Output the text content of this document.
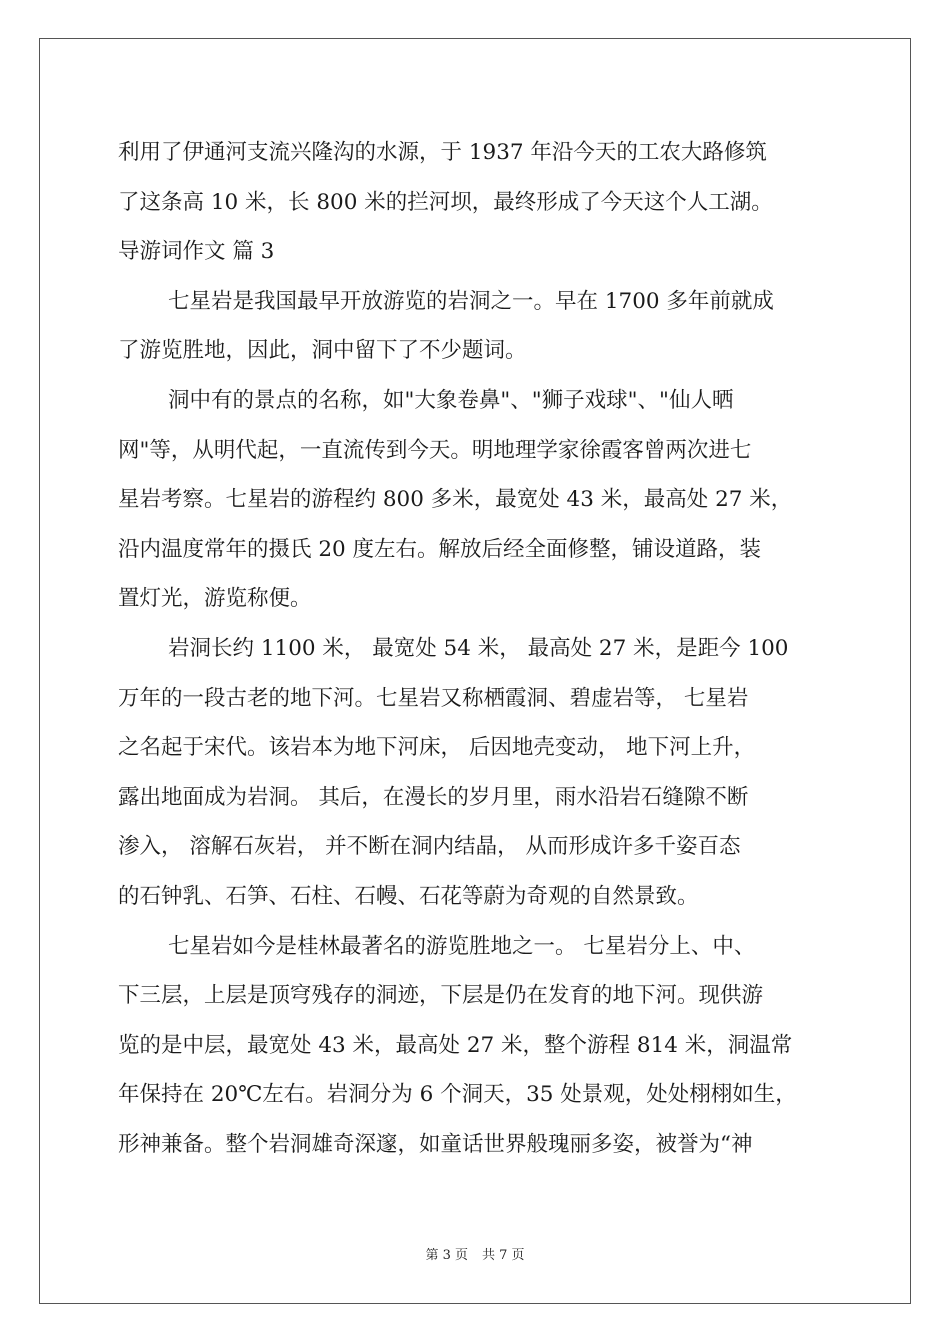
利用了伊通河支流兴隆沟的水源，于 1937 年沿今天的工农大路修筑
了这条高 10 米，长 800 米的拦河坝，最终形成了今天这个人工湖。
导游词作文 篇 3
七星岩是我国最早开放游览的岩洞之一。早在 1700 多年前就成
了游览胜地，因此，洞中留下了不少题词。
洞中有的景点的名称，如"大象卷鼻"、"狮子戏球"、"仙人晒
网"等，从明代起，一直流传到今天。明地理学家徐霞客曾两次进七
星岩考察。七星岩的游程约 800 多米，最宽处 43 米，最高处 27 米，
沿内温度常年的摄氏 20 度左右。解放后经全面修整，铺设道路，装
置灯光，游览称便。
岩洞长约 1100 米， 最宽处 54 米， 最高处 27 米，是距今 100
万年的一段古老的地下河。七星岩又称栖霞洞、碧虚岩等， 七星岩
之名起于宋代。该岩本为地下河床， 后因地壳变动， 地下河上升，
露出地面成为岩洞。 其后，在漫长的岁月里，雨水沿岩石缝隙不断
渗入， 溶解石灰岩， 并不断在洞内结晶， 从而形成许多千姿百态
的石钟乳、石笋、石柱、石幔、石花等蔚为奇观的自然景致。
七星岩如今是桂林最著名的游览胜地之一。 七星岩分上、中、
下三层，上层是顶穹残存的洞迹，下层是仍在发育的地下河。现供游
览的是中层，最宽处 43 米，最高处 27 米，整个游程 814 米，洞温常
年保持在 20℃左右。岩洞分为 6 个洞天，35 处景观，处处栩栩如生，
形神兼备。整个岩洞雄奇深邃，如童话世界般瑰丽多姿，被誉为“神
第 3 页 共 7 页
